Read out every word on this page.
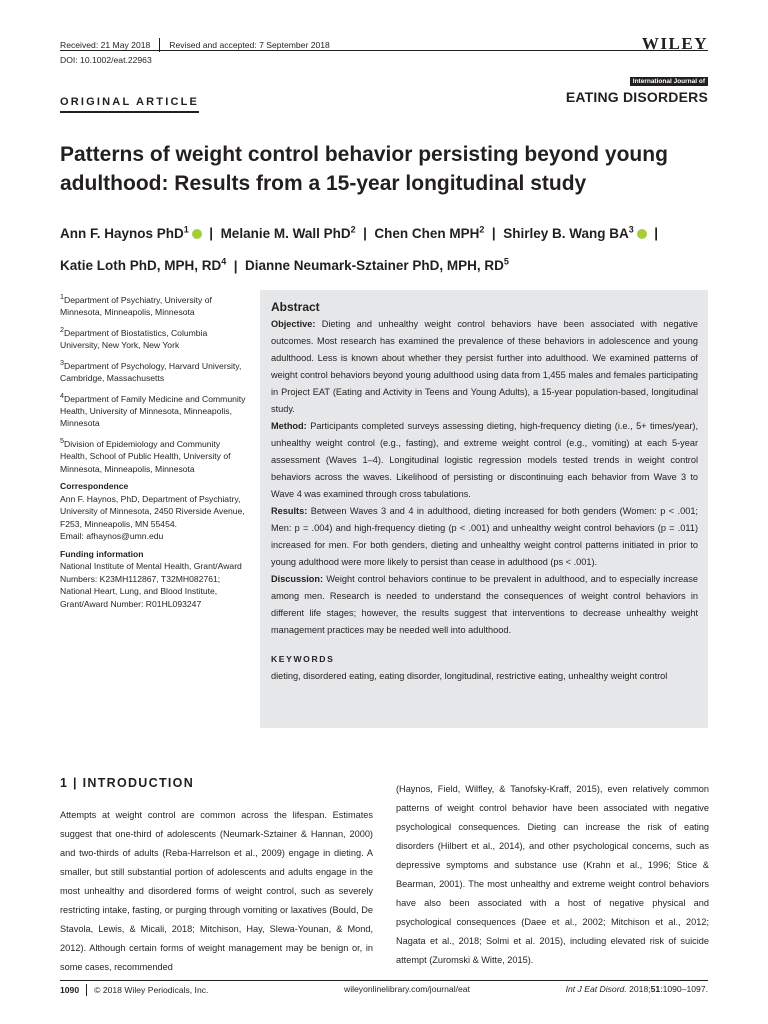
Received: 21 May 2018 Revised and accepted: 7 September 2018
DOI: 10.1002/eat.22963
WILEY
International Journal of
EATING DISORDERS
ORIGINAL ARTICLE
Patterns of weight control behavior persisting beyond young adulthood: Results from a 15-year longitudinal study
Ann F. Haynos PhD$^1$  |  Melanie M. Wall PhD$^2$  |  Chen Chen MPH$^2$  |  Shirley B. Wang $BA^3$  |
Katie Loth PhD, MPH, $RD^4$  |  Dianne Neumark-Sztainer PhD, MPH, $RD^5$

$^1$Department of Psychiatry, University of Minnesota, Minneapolis, Minnesota

$^2$Department of Biostatistics, Columbia University, New York, New York

$^3$Department of Psychology, Harvard University, Cambridge, Massachusetts

$^4$Department of Family Medicine and Community Health, University of Minnesota, Minneapolis, Minnesota

$^5$Division of Epidemiology and Community Health, School of Public Health, University of Minnesota, Minneapolis, Minnesota

Correspondence

Ann F. Haynos, PhD, Department of Psychiatry, University of Minnesota, 2450 Riverside Avenue, F253, Minneapolis, MN 55454.

Email: afhaynos@umn.edu

Funding information

National Institute of Mental Health, Grant/Award Numbers: K23MH112867, T32MH082761; National Heart, Lung, and Blood Institute, Grant/Award Number: R01HL093247

Abstract

Objective: Dieting and unhealthy weight control behaviors have been associated with negative outcomes. Most research has examined the prevalence of these behaviors in adolescence and young adulthood. Less is known about whether they persist further into adulthood. We examined patterns of weight control behaviors beyond young adulthood using data from 1,455 males and females participating in Project EAT (Eating and Activity in Teens and Young Adults), a 15-year population-based, longitudinal study.

Method: Participants completed surveys assessing dieting, high-frequency dieting (i.e., 5+ times/year), unhealthy weight control (e.g., fasting), and extreme weight control (e.g., vomiting) at each 5-year assessment (Waves 1–4). Longitudinal logistic regression models tested trends in weight control behaviors across the waves. Likelihood of persisting or discontinuing each behavior from Wave 3 to Wave 4 was examined through cross tabulations.

Results: Between Waves 3 and 4 in adulthood, dieting increased for both genders (Women: p < .001; Men: p = .004) and high-frequency dieting (p < .001) and unhealthy weight control behaviors (p = .011) increased for men. For both genders, dieting and unhealthy weight control patterns initiated in prior to young adulthood were more likely to persist than cease in adulthood (ps < .001).

Discussion: Weight control behaviors continue to be prevalent in adulthood, and to especially increase among men. Research is needed to understand the consequences of weight control behaviors in different life stages; however, the results suggest that interventions to decrease unhealthy weight management practices may be needed well into adulthood.

KEYWORDS

dieting, disordered eating, eating disorder, longitudinal, restrictive eating, unhealthy weight control

1 | INTRODUCTION
Attempts at weight control are common across the lifespan. Estimates suggest that one-third of adolescents (Neumark-Sztainer & Hannan, 2000) and two-thirds of adults (Reba-Harrelson et al., 2009) engage in dieting. A smaller, but still substantial portion of adolescents and adults engage in the most unhealthy and disordered forms of weight control, such as severely restricting intake, fasting, or purging through vomiting or laxatives (Bould, De Stavola, Lewis, & Micali, 2018; Mitchison, Hay, Slewa-Younan, & Mond, 2012). Although certain forms of weight management may be benign or, in some cases, recommended
(Haynos, Field, Wilfley, & Tanofsky-Kraff, 2015), even relatively common patterns of weight control behavior have been associated with negative psychological consequences. Dieting can increase the risk of eating disorders (Hilbert et al., 2014), and other psychological concerns, such as depressive symptoms and substance use (Krahn et al., 1996; Stice & Bearman, 2001). The most unhealthy and extreme weight control behaviors have also been associated with a host of negative physical and psychological consequences (Daee et al., 2002; Mitchison et al., 2012; Nagata et al., 2018; Solmi et al. 2015), including elevated risk of suicide attempt (Zuromski & Witte, 2015).
1090 © 2018 Wiley Periodicals, Inc.	wileyonlinelibrary.com/journal/eat	Int J Eat Disord. 2018;51:1090–1097.
